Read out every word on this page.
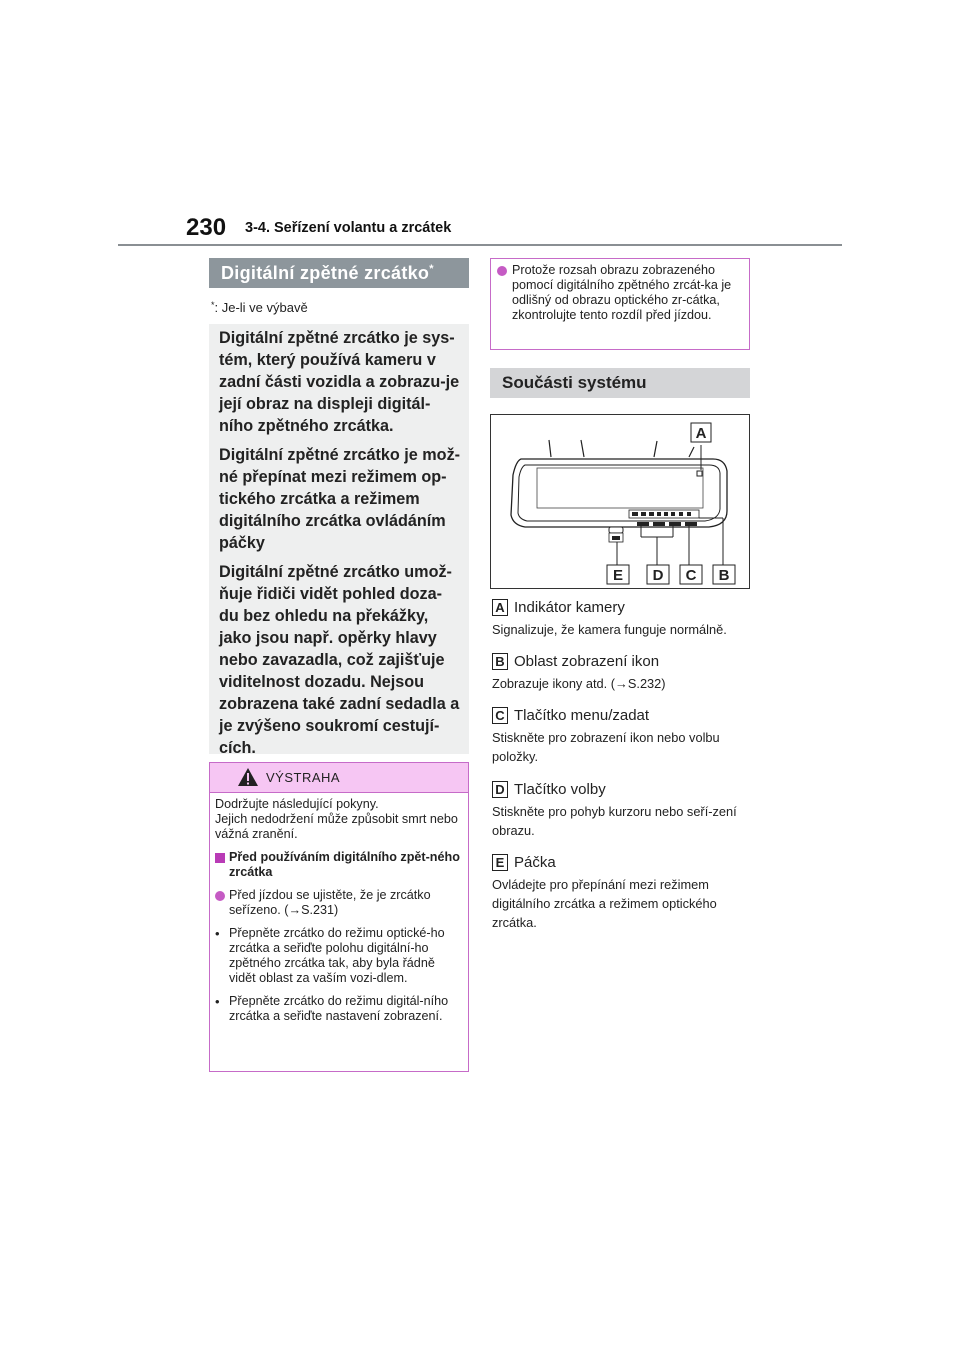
230 3-4. Seřízení volantu a zrcátek
Digitální zpětné zrcátko*
*: Je-li ve výbavě

Digitální zpětné zrcátko je sys-tém, který používá kameru v zadní části vozidla a zobrazu-je její obraz na displeji digitál-ního zpětného zrcátka.

Digitální zpětné zrcátko je mož-né přepínat mezi režimem op-tického zrcátka a režimem digitálního zrcátka ovládáním páčky

Digitální zpětné zrcátko umož-ňuje řidiči vidět pohled doza-du bez ohledu na překážky, jako jsou např. opěrky hlavy nebo zavazadla, což zajišťuje viditelnost dozadu. Nejsou zobrazena také zadní sedadla a je zvýšeno soukromí cestují-cích.

VÝSTRAHA
Dodržujte následující pokyny.
Jejich nedodržení může způsobit smrt nebo vážná zranění.
Před používáním digitálního zpět-ného zrcátka
Před jízdou se ujistěte, že je zrcátko seřízeno. (→S.231)
• Přepněte zrcátko do režimu optické-ho zrcátka a seřiďte polohu digitální-ho zpětného zrcátka tak, aby byla řádně vidět oblast za vaším vozi-dlem.
• Přepněte zrcátko do režimu digitál-ního zrcátka a seřiďte nastavení zobrazení.
Protože rozsah obrazu zobrazeného pomocí digitálního zpětného zrcát-ka je odlišný od obrazu optického zr-cátka, zkontrolujte tento rozdíl před jízdou.
Součásti systému
A
E D C B
A Indikátor kamery
Signalizuje, že kamera funguje normálně.
B Oblast zobrazení ikon
Zobrazuje ikony atd. (→S.232)
C Tlačítko menu/zadat
Stiskněte pro zobrazení ikon nebo volbu položky.
D Tlačítko volby
Stiskněte pro pohyb kurzoru nebo seří-zení obrazu.
E Páčka
Ovládejte pro přepínání mezi režimem digitálního zrcátka a režimem optického zrcátka.
